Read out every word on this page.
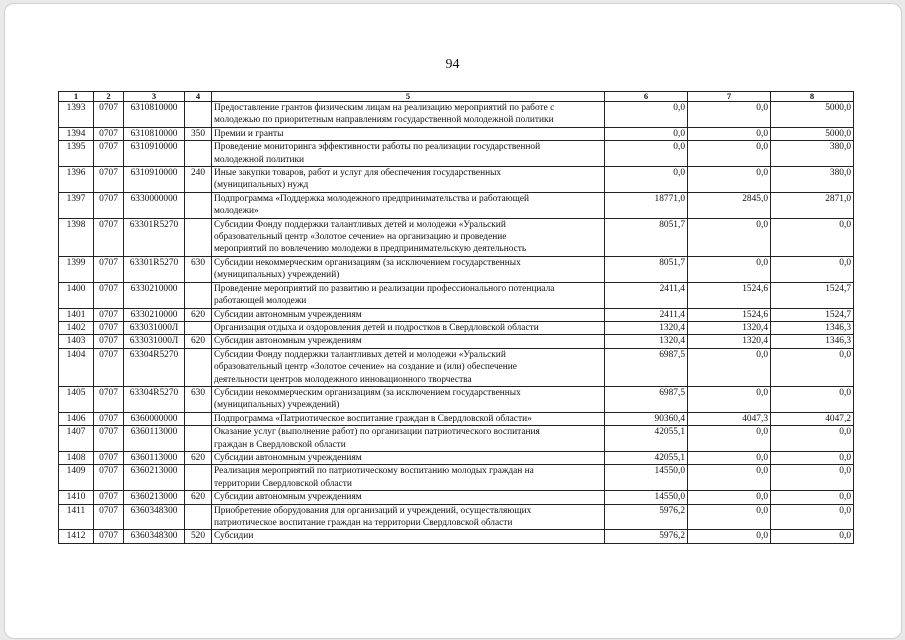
94
1	2	3	4	5	6	7	8
1393	0707	6310810000		Предоставление грантов физическим лицам на реализацию мероприятий по работе с
молодежью по приоритетным направлениям государственной молодежной политики	0,0	0,0	5000,0
1394	0707	6310810000	350	Премии и гранты	0,0	0,0	5000,0
1395	0707	6310910000		Проведение мониторинга эффективности работы по реализации государственной
молодежной политики	0,0	0,0	380,0
1396	0707	6310910000	240	Иные закупки товаров, работ и услуг для обеспечения государственных
(муниципальных) нужд	0,0	0,0	380,0
1397	0707	6330000000		Подпрограмма «Поддержка молодежного предпринимательства и работающей
молодежи»	18771,0	2845,0	2871,0
1398	0707	63301R5270		Субсидии Фонду поддержки талантливых детей и молодежи «Уральский
образовательный центр «Золотое сечение» на организацию и проведение
мероприятий по вовлечению молодежи в предпринимательскую деятельность	8051,7	0,0	0,0
1399	0707	63301R5270	630	Субсидии некоммерческим организациям (за исключением государственных
(муниципальных) учреждений)	8051,7	0,0	0,0
1400	0707	6330210000		Проведение мероприятий по развитию и реализации профессионального потенциала
работающей молодежи	2411,4	1524,6	1524,7
1401	0707	6330210000	620	Субсидии автономным учреждениям	2411,4	1524,6	1524,7
1402	0707	633031000Л		Организация отдыха и оздоровления детей и подростков в Свердловской области	1320,4	1320,4	1346,3
1403	0707	633031000Л	620	Субсидии автономным учреждениям	1320,4	1320,4	1346,3
1404	0707	63304R5270		Субсидии Фонду поддержки талантливых детей и молодежи «Уральский
образовательный центр «Золотое сечение» на создание и (или) обеспечение
деятельности центров молодежного инновационного творчества	6987,5	0,0	0,0
1405	0707	63304R5270	630	Субсидии некоммерческим организациям (за исключением государственных
(муниципальных) учреждений)	6987,5	0,0	0,0
1406	0707	6360000000		Подпрограмма «Патриотическое воспитание граждан в Свердловской области»	90360,4	4047,3	4047,2
1407	0707	6360113000		Оказание услуг (выполнение работ) по организации патриотического воспитания
граждан в Свердловской области	42055,1	0,0	0,0
1408	0707	6360113000	620	Субсидии автономным учреждениям	42055,1	0,0	0,0
1409	0707	6360213000		Реализация мероприятий по патриотическому воспитанию молодых граждан на
территории Свердловской области	14550,0	0,0	0,0
1410	0707	6360213000	620	Субсидии автономным учреждениям	14550,0	0,0	0,0
1411	0707	6360348300		Приобретение оборудования для организаций и учреждений, осуществляющих
патриотическое воспитание граждан на территории Свердловской области	5976,2	0,0	0,0
1412	0707	6360348300	520	Субсидии	5976,2	0,0	0,0
